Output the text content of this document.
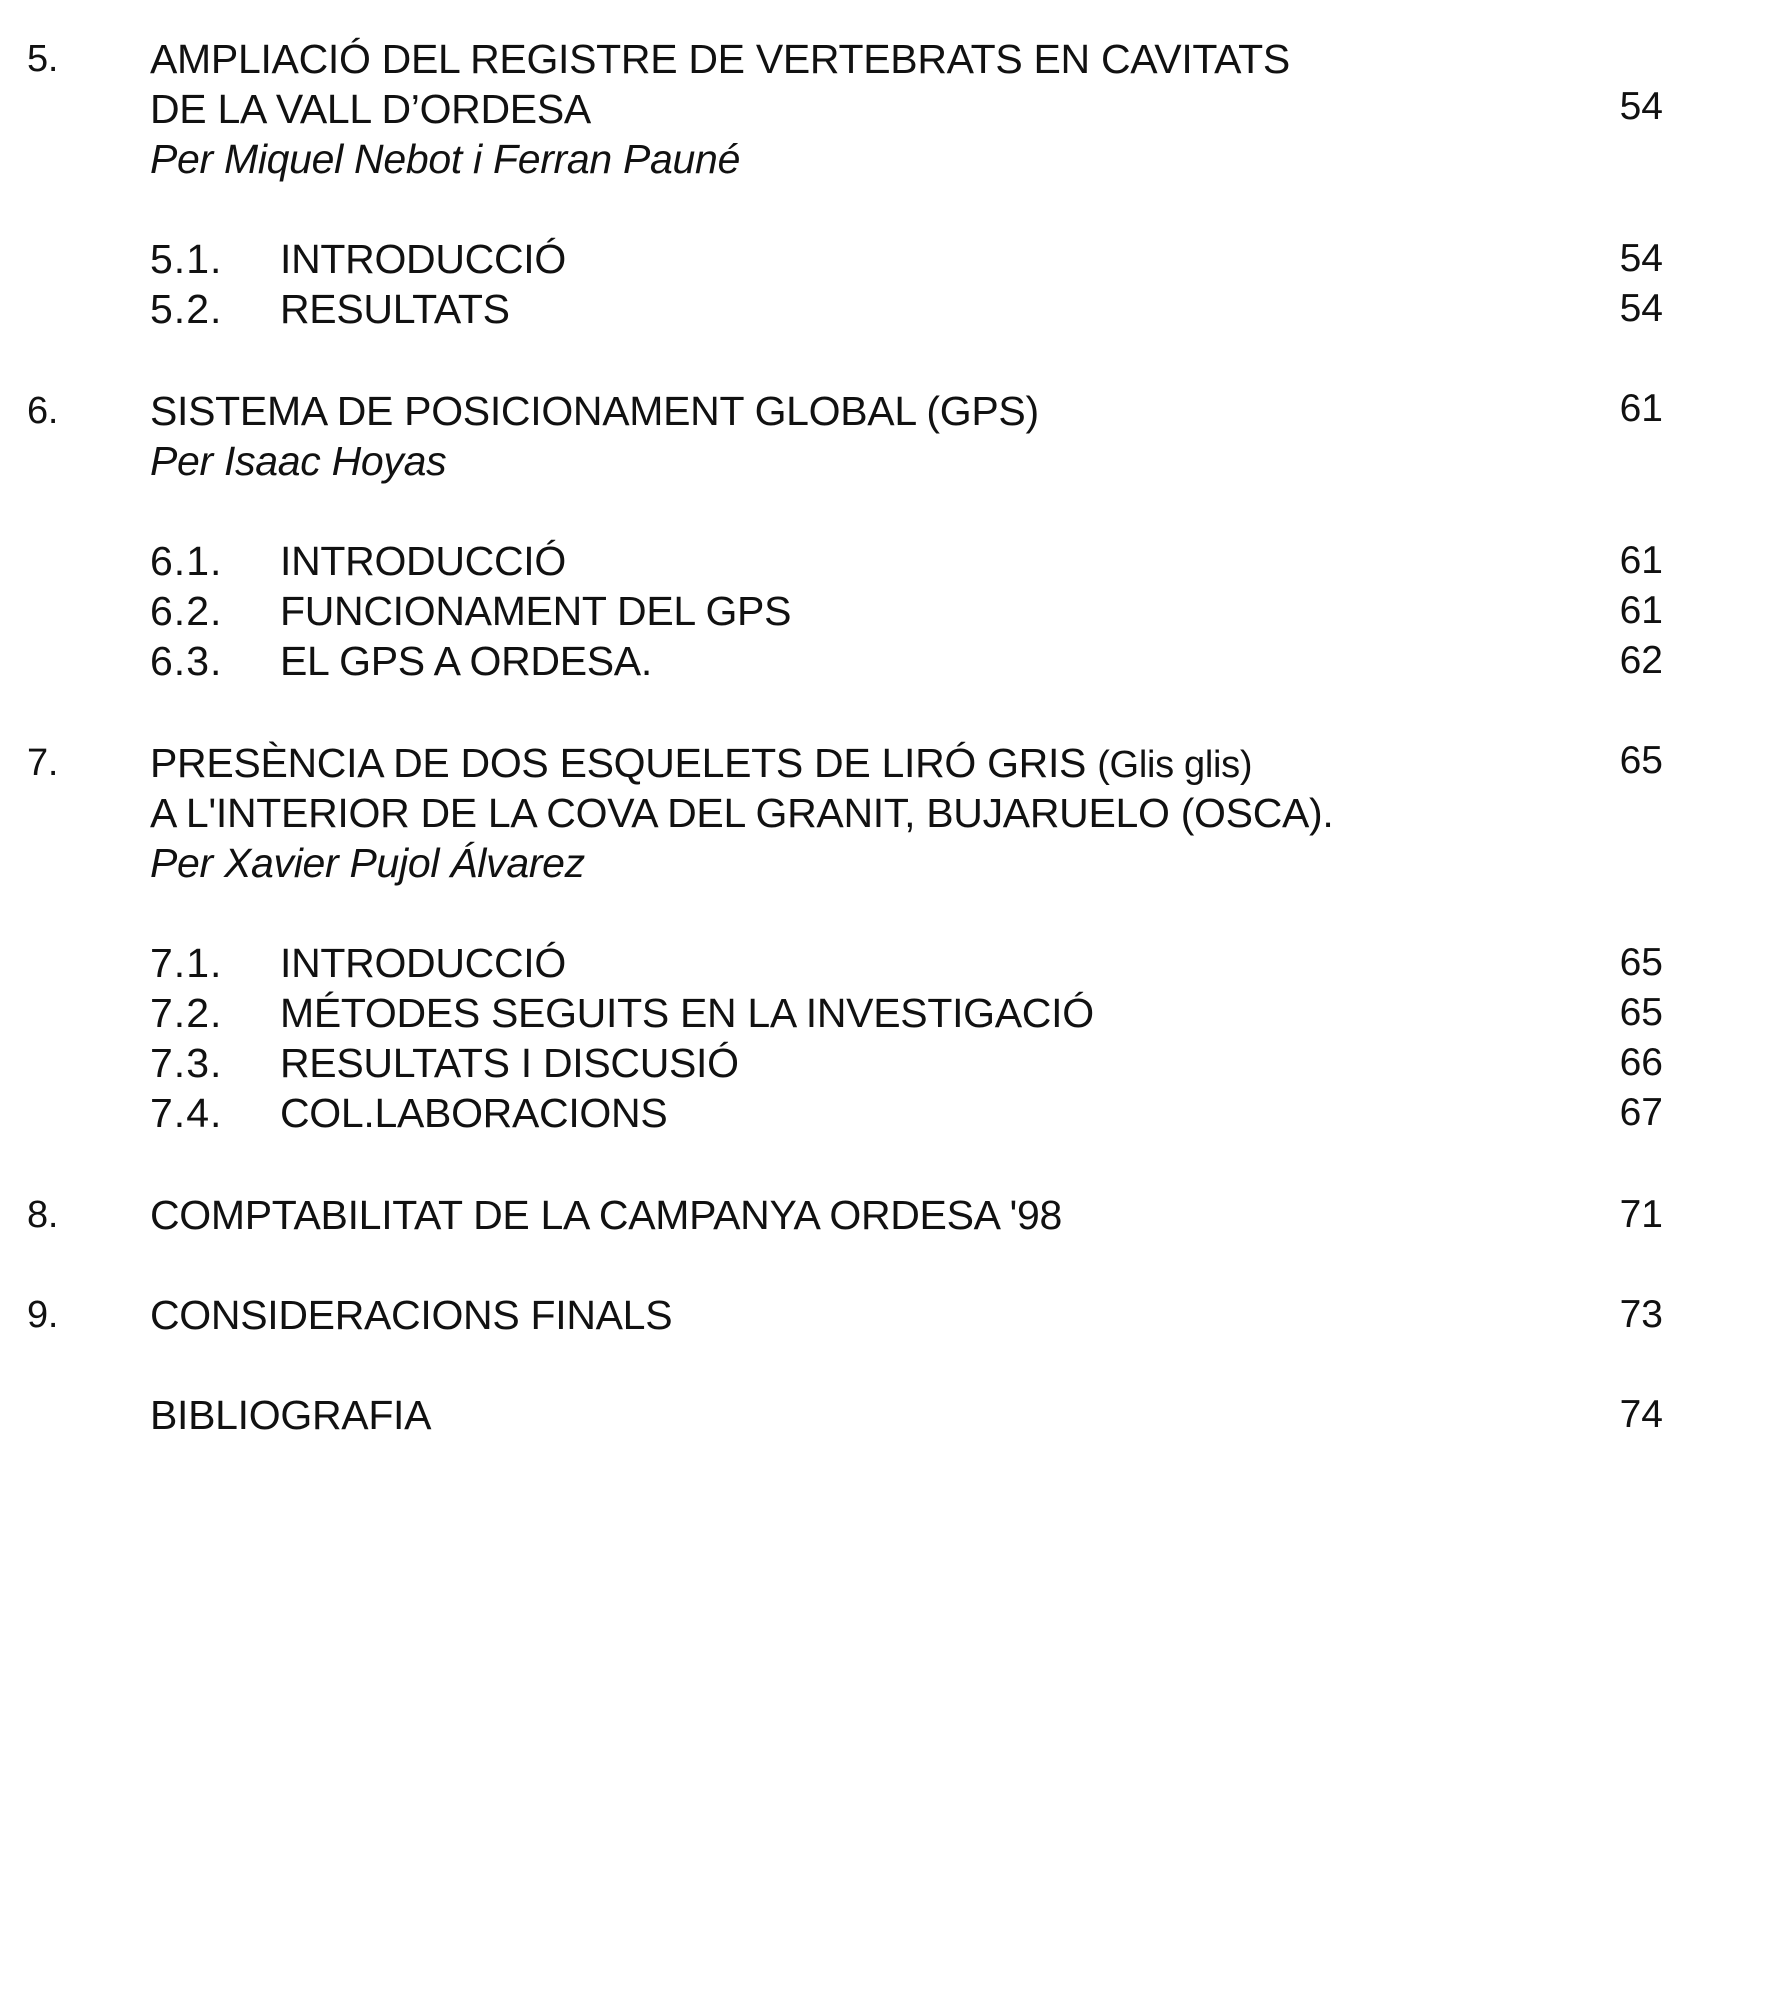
5. AMPLIACIÓ DEL REGISTRE DE VERTEBRATS EN CAVITATS
DE LA VALL D’ORDESA	54
Per Miquel Nebot i Ferran Pauné
5.1. INTRODUCCIÓ	54
5.2. RESULTATS	54
6. SISTEMA DE POSICIONAMENT GLOBAL (GPS)	61
Per Isaac Hoyas
6.1. INTRODUCCIÓ	61
6.2. FUNCIONAMENT DEL GPS	61
6.3. EL GPS A ORDESA.	62
7. PRESÈNCIA DE DOS ESQUELETS DE LIRÓ GRIS (Glis glis)	65
A L'INTERIOR DE LA COVA DEL GRANIT, BUJARUELO (OSCA).
Per Xavier Pujol Álvarez
7.1. INTRODUCCIÓ	65
7.2. MÉTODES SEGUITS EN LA INVESTIGACIÓ	65
7.3. RESULTATS I DISCUSIÓ	66
7.4. COL.LABORACIONS	67
8. COMPTABILITAT DE LA CAMPANYA ORDESA '98	71
9. CONSIDERACIONS FINALS	73
BIBLIOGRAFIA	74
